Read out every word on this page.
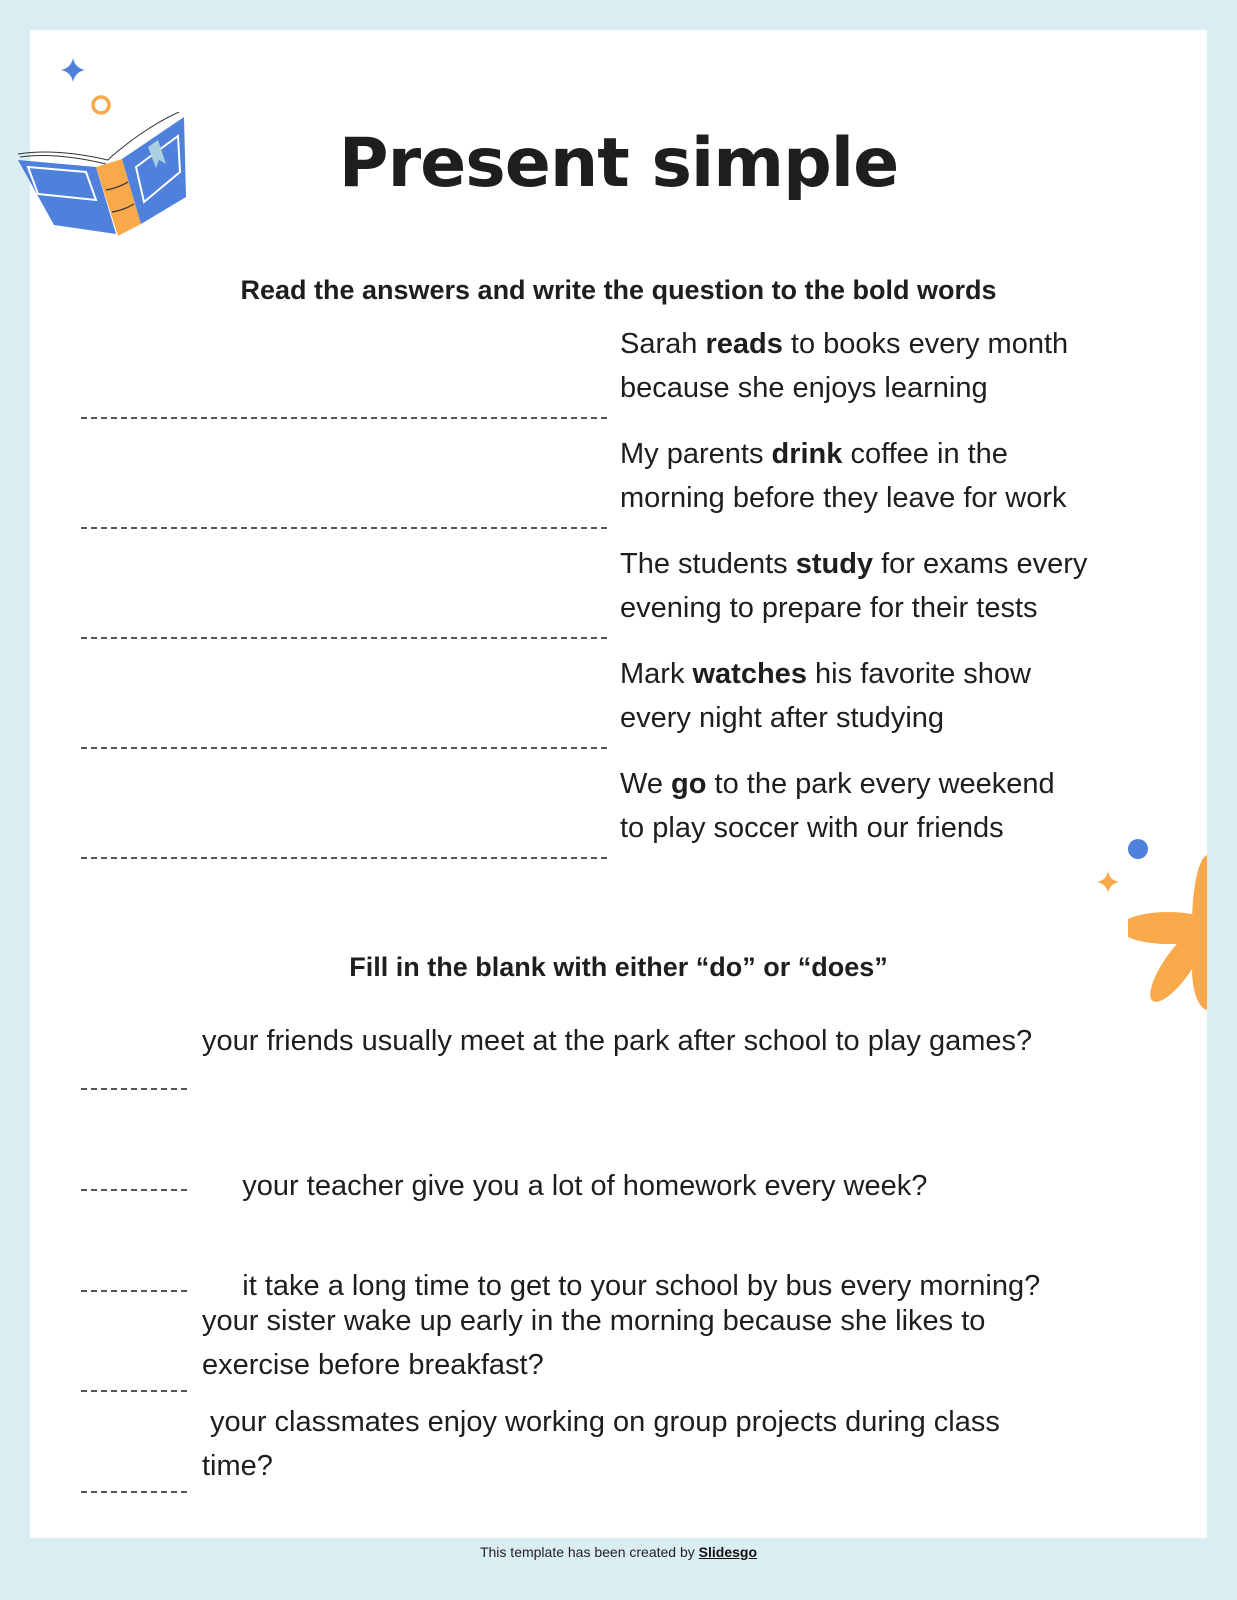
Present simple
Read the answers and write the question to the bold words
Sarah reads to books every month
because she enjoys learning
My parents drink coffee in the
morning before they leave for work
The students study for exams every
evening to prepare for their tests
Mark watches his favorite show
every night after studying
We go to the park every weekend
to play soccer with our friends
Fill in the blank with either “do” or “does”
your friends usually meet at the park after school to play games?

your teacher give you a lot of homework every week?

it take a long time to get to your school by bus every morning?

your sister wake up early in the morning because she likes to
exercise before breakfast?
your classmates enjoy working on group projects during class
time?
This template has been created by Slidesgo
